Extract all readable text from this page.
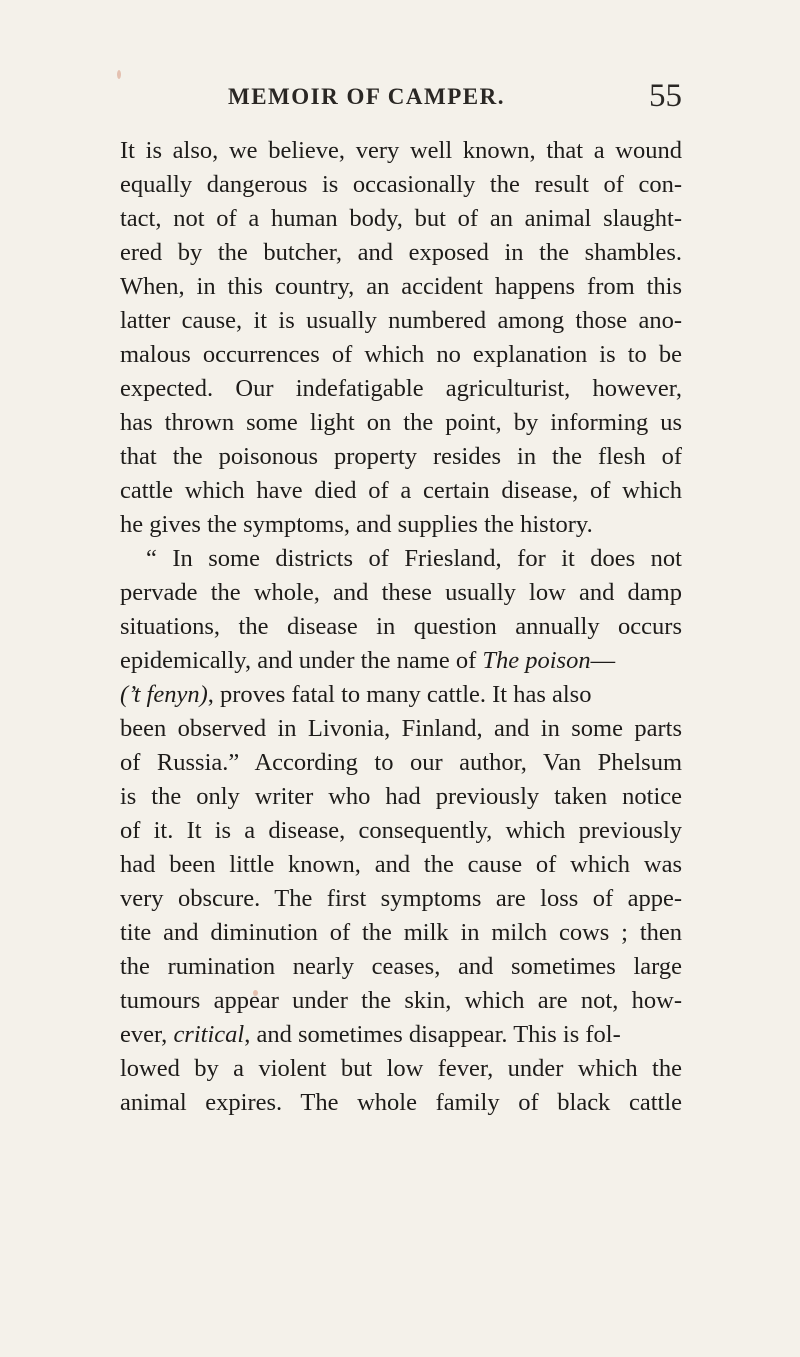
MEMOIR OF CAMPER.	55
It is also, we believe, very well known, that a wound
equally dangerous is occasionally the result of con-
tact, not of a human body, but of an animal slaught-
ered by the butcher, and exposed in the shambles.
When, in this country, an accident happens from this
latter cause, it is usually numbered among those ano-
malous occurrences of which no explanation is to be
expected. Our indefatigable agriculturist, however,
has thrown some light on the point, by informing us
that the poisonous property resides in the flesh of
cattle which have died of a certain disease, of which
he gives the symptoms, and supplies the history.
“ In some districts of Friesland, for it does not
pervade the whole, and these usually low and damp
situations, the disease in question annually occurs
epidemically, and under the name of The poison—
(’t fenyn), proves fatal to many cattle. It has also
been observed in Livonia, Finland, and in some parts
of Russia.” According to our author, Van Phelsum
is the only writer who had previously taken notice
of it. It is a disease, consequently, which previously
had been little known, and the cause of which was
very obscure. The first symptoms are loss of appe-
tite and diminution of the milk in milch cows ; then
the rumination nearly ceases, and sometimes large
tumours appear under the skin, which are not, how-
ever, critical, and sometimes disappear. This is fol-
lowed by a violent but low fever, under which the
animal expires. The whole family of black cattle
